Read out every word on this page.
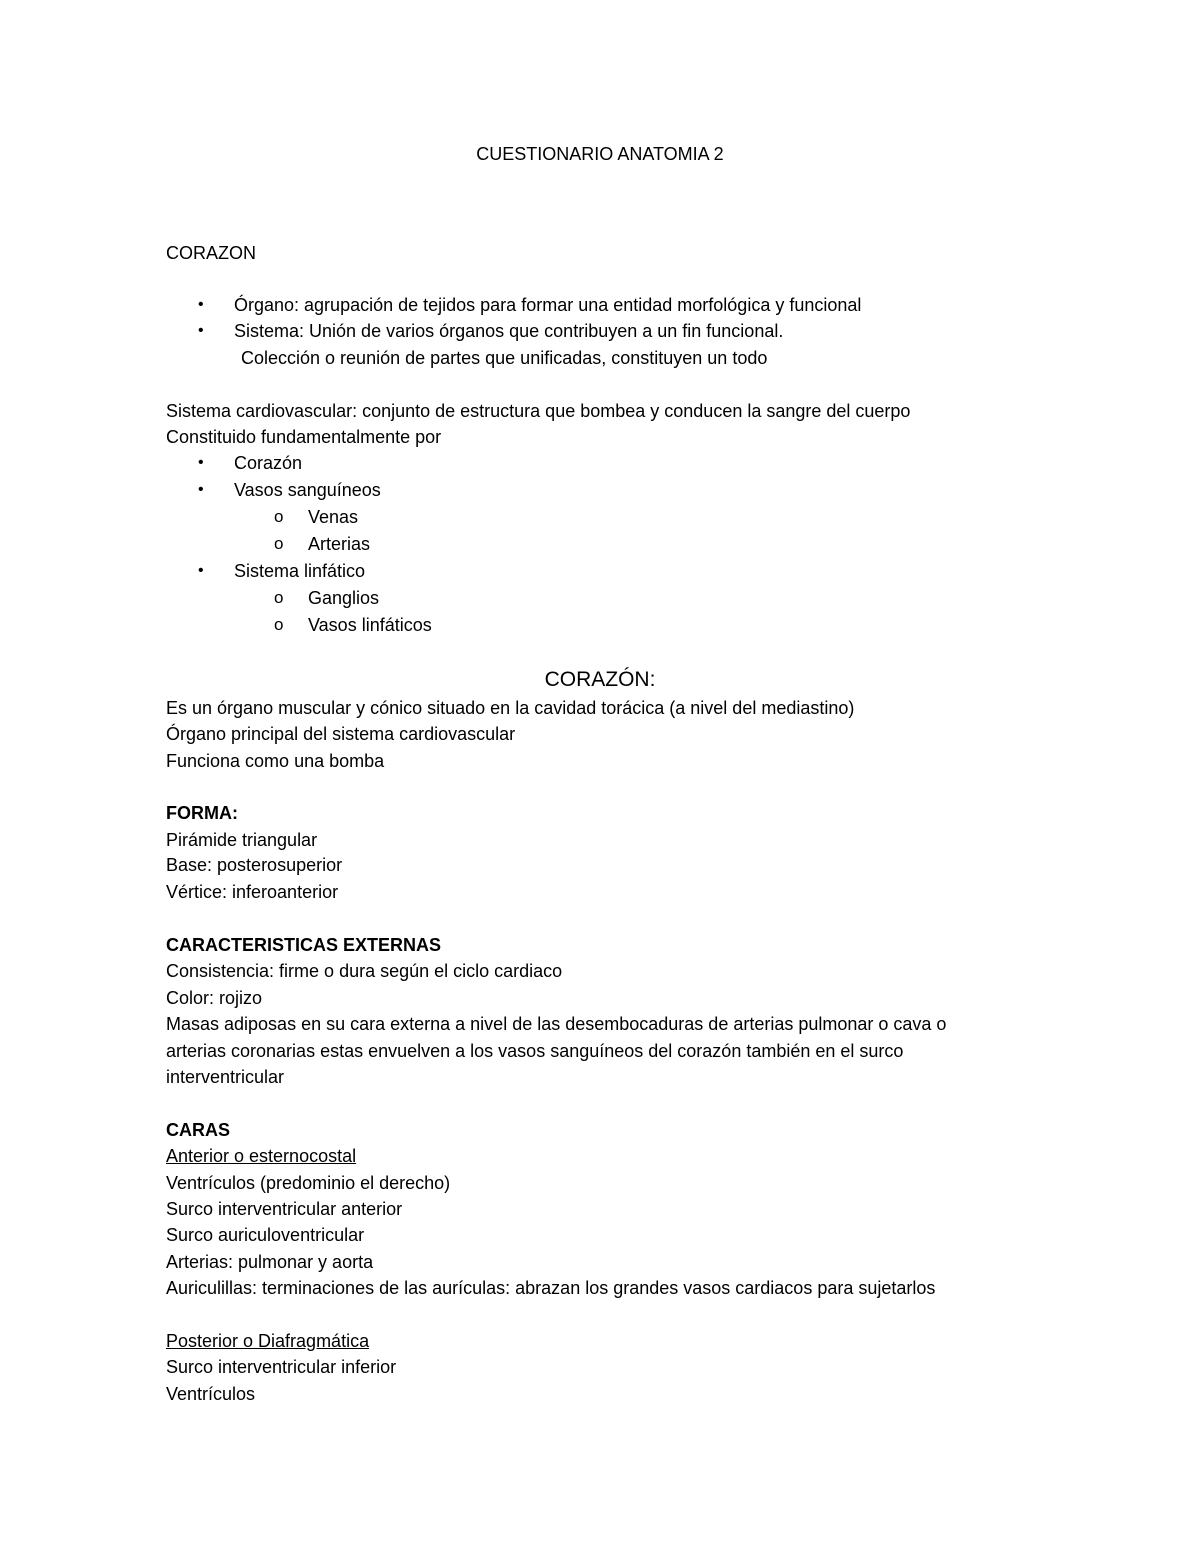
CUESTIONARIO ANATOMIA 2
CORAZON
• Órgano: agrupación de tejidos para formar una entidad morfológica y funcional
• Sistema: Unión de varios órganos que contribuyen a un fin funcional.
Colección o reunión de partes que unificadas, constituyen un todo
Sistema cardiovascular: conjunto de estructura que bombea y conducen la sangre del cuerpo
Constituido fundamentalmente por
• Corazón
• Vasos sanguíneos
o Venas
o Arterias
• Sistema linfático
o Ganglios
o Vasos linfáticos
CORAZÓN:
Es un órgano muscular y cónico situado en la cavidad torácica (a nivel del mediastino)
Órgano principal del sistema cardiovascular
Funciona como una bomba
FORMA:
Pirámide triangular
Base: posterosuperior
Vértice: inferoanterior
CARACTERISTICAS EXTERNAS
Consistencia: firme o dura según el ciclo cardiaco
Color: rojizo
Masas adiposas en su cara externa a nivel de las desembocaduras de arterias pulmonar o cava o
arterias coronarias estas envuelven a los vasos sanguíneos del corazón también en el surco
interventricular
CARAS
Anterior o esternocostal
Ventrículos (predominio el derecho)
Surco interventricular anterior
Surco auriculoventricular
Arterias: pulmonar y aorta
Auriculillas: terminaciones de las aurículas: abrazan los grandes vasos cardiacos para sujetarlos
Posterior o Diafragmática
Surco interventricular inferior
Ventrículos
